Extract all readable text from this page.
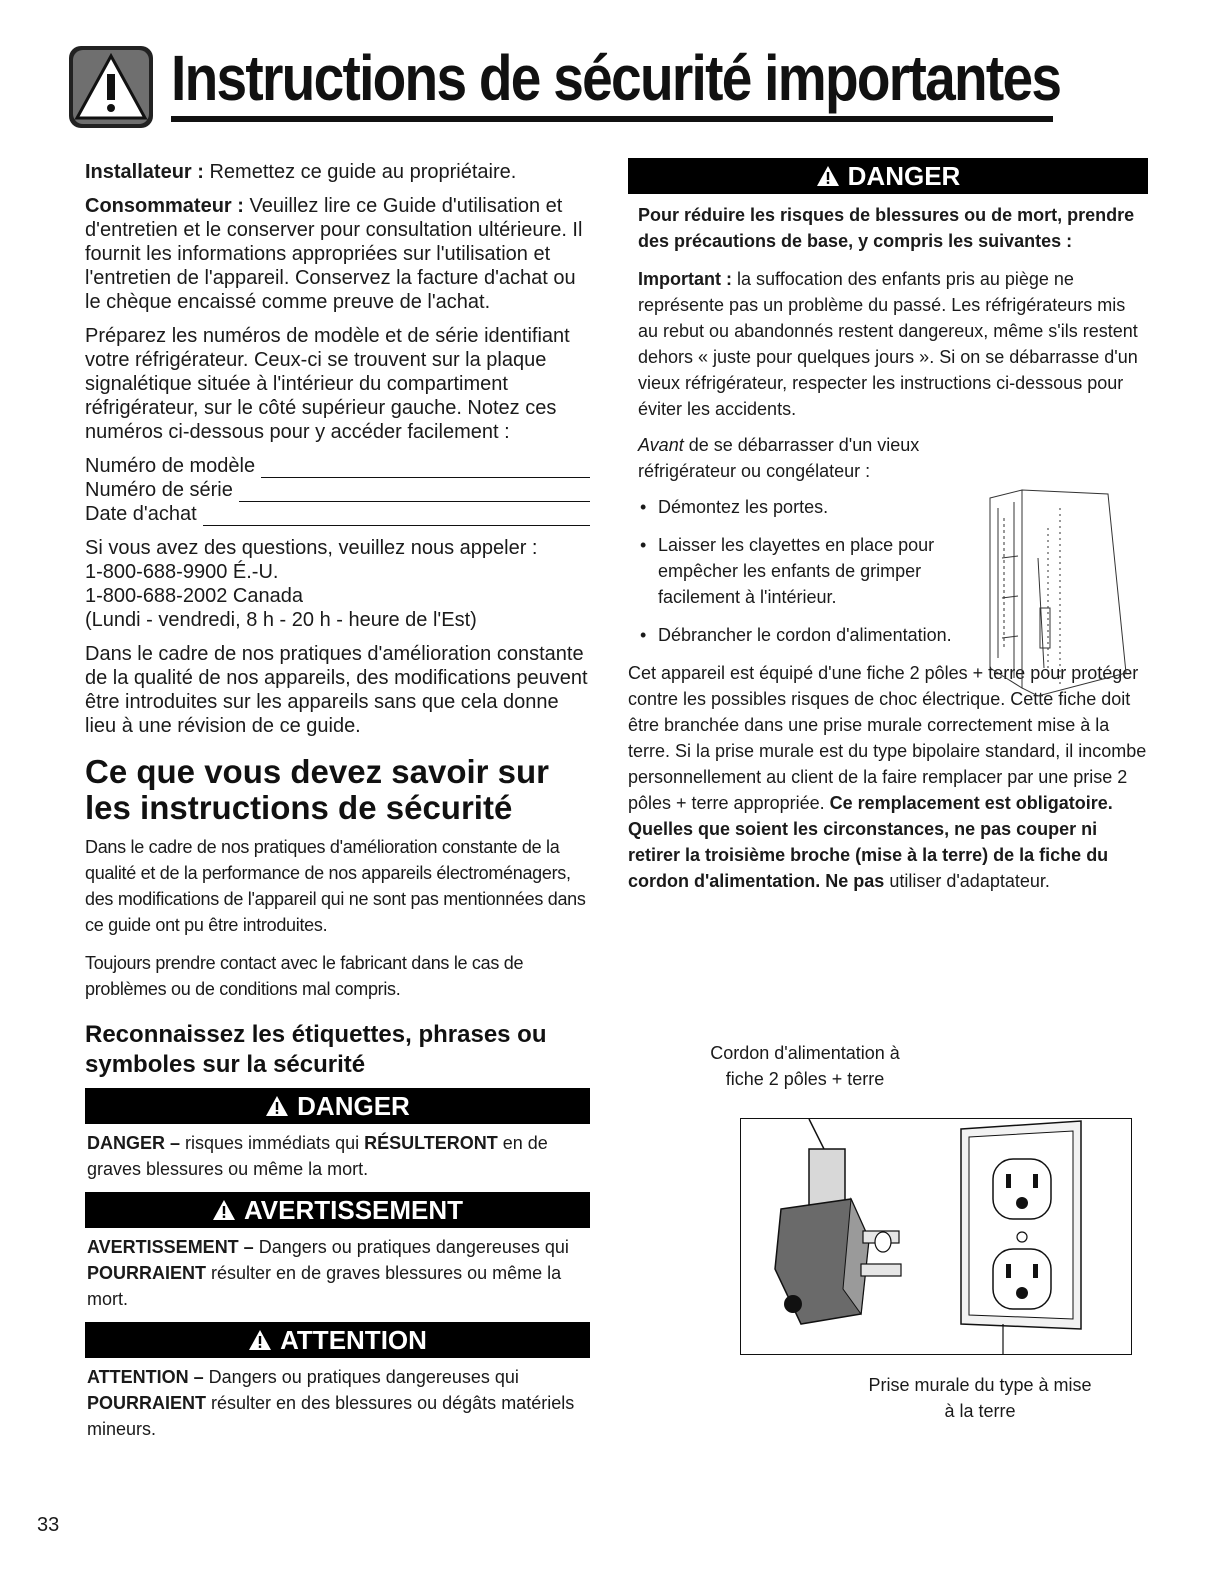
Instructions de sécurité importantes

Installateur : Remettez ce guide au propriétaire.

Consommateur : Veuillez lire ce Guide d'utilisation et d'entretien et le conserver pour consultation ultérieure. Il fournit les informations appropriées sur l'utilisation et l'entretien de l'appareil. Conservez la facture d'achat ou le chèque encaissé comme preuve de l'achat.

Préparez les numéros de modèle et de série identifiant votre réfrigérateur. Ceux-ci se trouvent sur la plaque signalétique située à l'intérieur du compartiment réfrigérateur, sur le côté supérieur gauche. Notez ces numéros ci-dessous pour y accéder facilement :

Numéro de modèle
Numéro de série
Date d'achat

Si vous avez des questions, veuillez nous appeler :

1-800-688-9900 É.-U.

1-800-688-2002 Canada

(Lundi - vendredi, 8 h - 20 h - heure de l'Est)

Dans le cadre de nos pratiques d'amélioration constante de la qualité de nos appareils, des modifications peuvent être introduites sur les appareils sans que cela donne lieu à une révision de ce guide.

Ce que vous devez savoir sur les instructions de sécurité

Dans le cadre de nos pratiques d'amélioration constante de la qualité et de la performance de nos appareils électroménagers, des modifications de l'appareil qui ne sont pas mentionnées dans ce guide ont pu être introduites.

Toujours prendre contact avec le fabricant dans le cas de problèmes ou de conditions mal compris.

Reconnaissez les étiquettes, phrases ou symboles sur la sécurité
DANGER

DANGER – risques immédiats qui RÉSULTERONT en de graves blessures ou même la mort.

AVERTISSEMENT

AVERTISSEMENT – Dangers ou pratiques dangereuses qui POURRAIENT résulter en de graves blessures ou même la mort.

ATTENTION

ATTENTION – Dangers ou pratiques dangereuses qui POURRAIENT résulter en des blessures ou dégâts matériels mineurs.

33
DANGER

Pour réduire les risques de blessures ou de mort, prendre des précautions de base, y compris les suivantes :

Important : la suffocation des enfants pris au piège ne représente pas un problème du passé. Les réfrigérateurs mis au rebut ou abandonnés restent dangereux, même s'ils restent dehors « juste pour quelques jours ». Si on se débarrasse d'un vieux réfrigérateur, respecter les instructions ci-dessous pour éviter les accidents.

Avant de se débarrasser d'un vieux réfrigérateur ou congélateur :

• Démontez les portes.
• Laisser les clayettes en place pour empêcher les enfants de grimper facilement à l'intérieur.
• Débrancher le cordon d'alimentation.

Cet appareil est équipé d'une fiche 2 pôles + terre pour protéger contre les possibles risques de choc électrique. Cette fiche doit être branchée dans une prise murale correctement mise à la terre. Si la prise murale est du type bipolaire standard, il incombe personnellement au client de la faire remplacer par une prise 2 pôles + terre appropriée. Ce remplacement est obligatoire. Quelles que soient les circonstances, ne pas couper ni retirer la troisième broche (mise à la terre) de la fiche du cordon d'alimentation. Ne pas utiliser d'adaptateur.

Cordon d'alimentation à fiche 2 pôles + terre
Prise murale du type à mise à la terre
